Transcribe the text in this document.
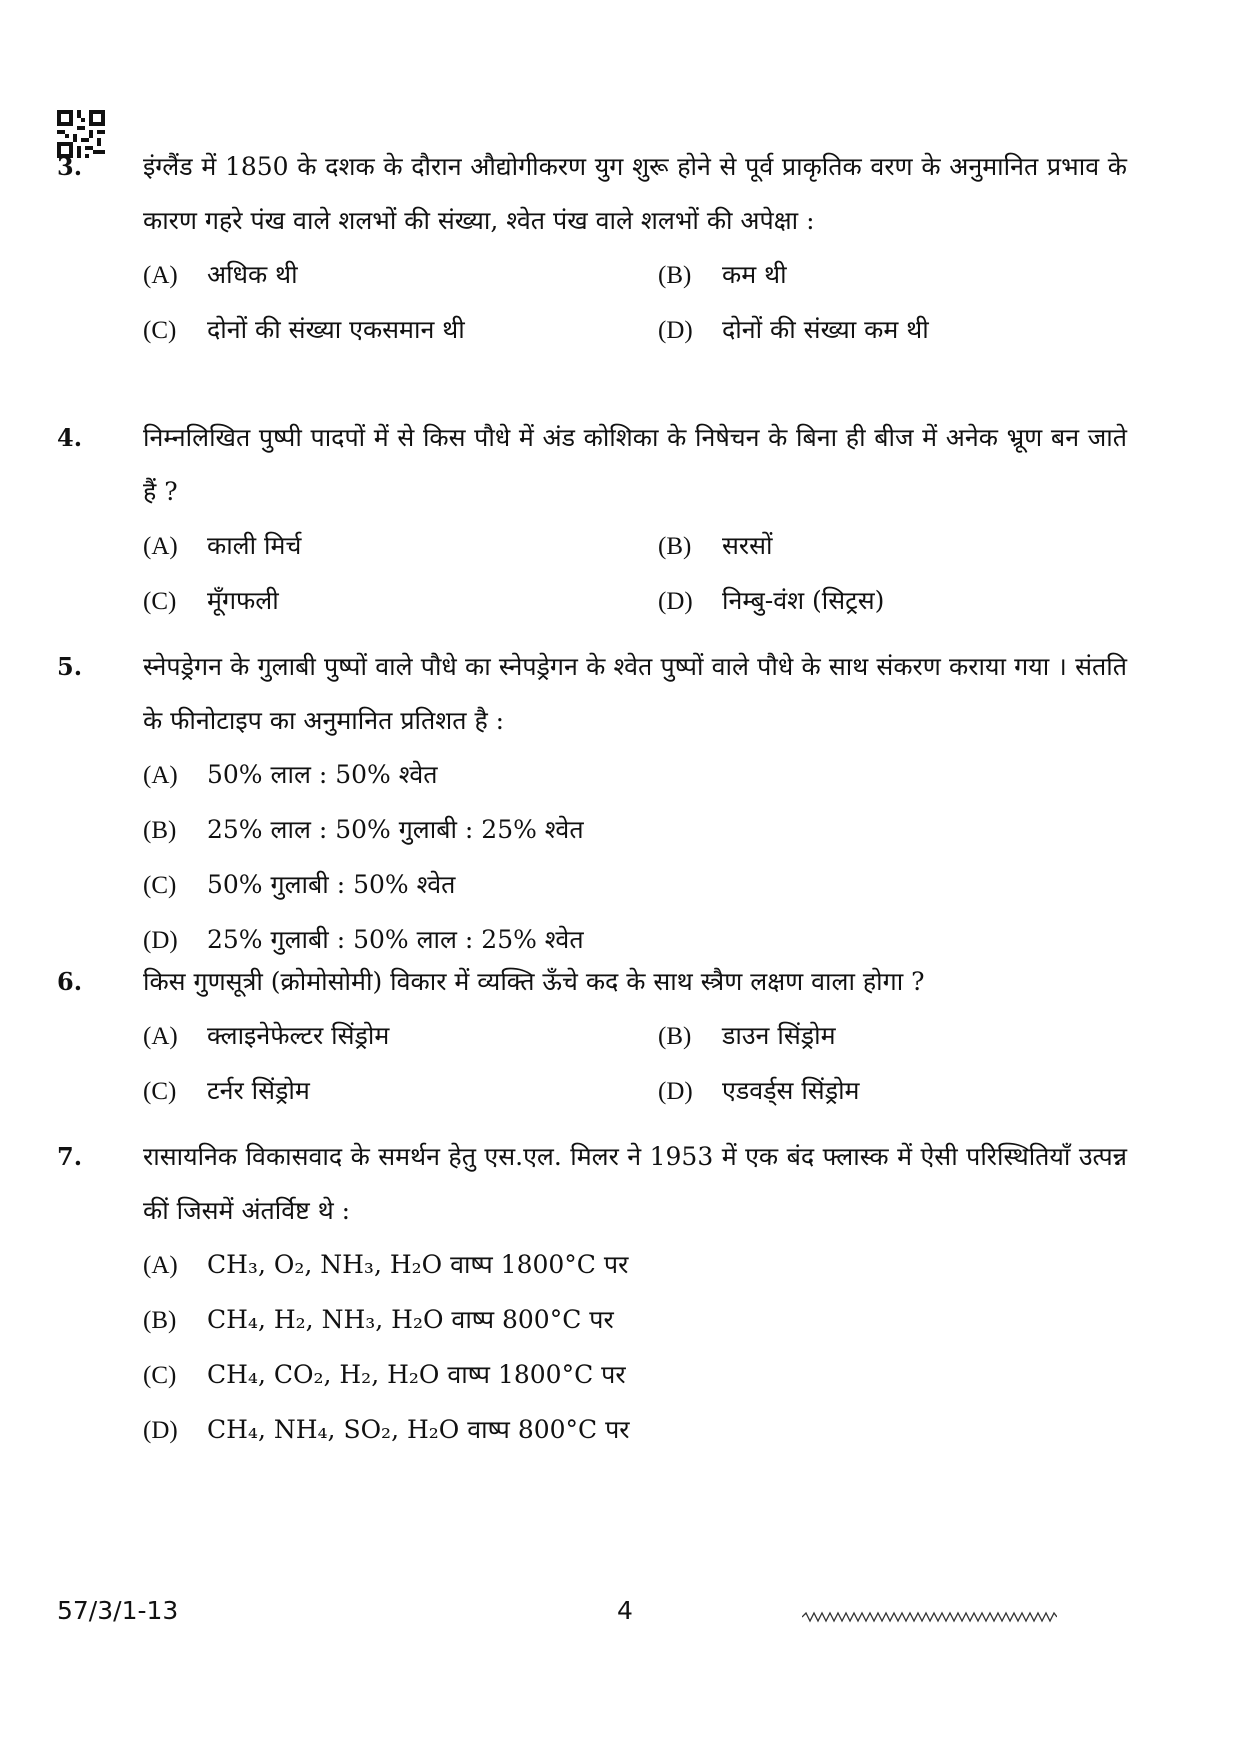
3.	इंग्लैंड में 1850 के दशक के दौरान औद्योगीकरण युग शुरू होने से पूर्व प्राकृतिक वरण के अनुमानित प्रभाव के कारण गहरे पंख वाले शलभों की संख्या, श्वेत पंख वाले शलभों की अपेक्षा :
(A) अधिक थी	(B) कम थी
(C) दोनों की संख्या एकसमान थी	(D) दोनों की संख्या कम थी
4.	निम्नलिखित पुष्पी पादपों में से किस पौधे में अंड कोशिका के निषेचन के बिना ही बीज में अनेक भ्रूण बन जाते हैं ?
(A) काली मिर्च	(B) सरसों
(C) मूँगफली	(D) निम्बु-वंश (सिट्रस)
5.	स्नेपड्रेगन के गुलाबी पुष्पों वाले पौधे का स्नेपड्रेगन के श्वेत पुष्पों वाले पौधे के साथ संकरण कराया गया । संतति के फीनोटाइप का अनुमानित प्रतिशत है :
(A) 50% लाल : 50% श्वेत
(B) 25% लाल : 50% गुलाबी : 25% श्वेत
(C) 50% गुलाबी : 50% श्वेत
(D) 25% गुलाबी : 50% लाल : 25% श्वेत
6.	किस गुणसूत्री (क्रोमोसोमी) विकार में व्यक्ति ऊँचे कद के साथ स्त्रैण लक्षण वाला होगा ?
(A) क्लाइनेफेल्टर सिंड्रोम	(B) डाउन सिंड्रोम
(C) टर्नर सिंड्रोम	(D) एडवर्ड्स सिंड्रोम
7.	रासायनिक विकासवाद के समर्थन हेतु एस.एल. मिलर ने 1953 में एक बंद फ्लास्क में ऐसी परिस्थितियाँ उत्पन्न कीं जिसमें अंतर्विष्ट थे :
(A) CH₃, O₂, NH₃, H₂O वाष्प 1800°C पर
(B) CH₄, H₂, NH₃, H₂O वाष्प 800°C पर
(C) CH₄, CO₂, H₂, H₂O वाष्प 1800°C पर
(D) CH₄, NH₄, SO₂, H₂O वाष्प 800°C पर
57/3/1-13	4
